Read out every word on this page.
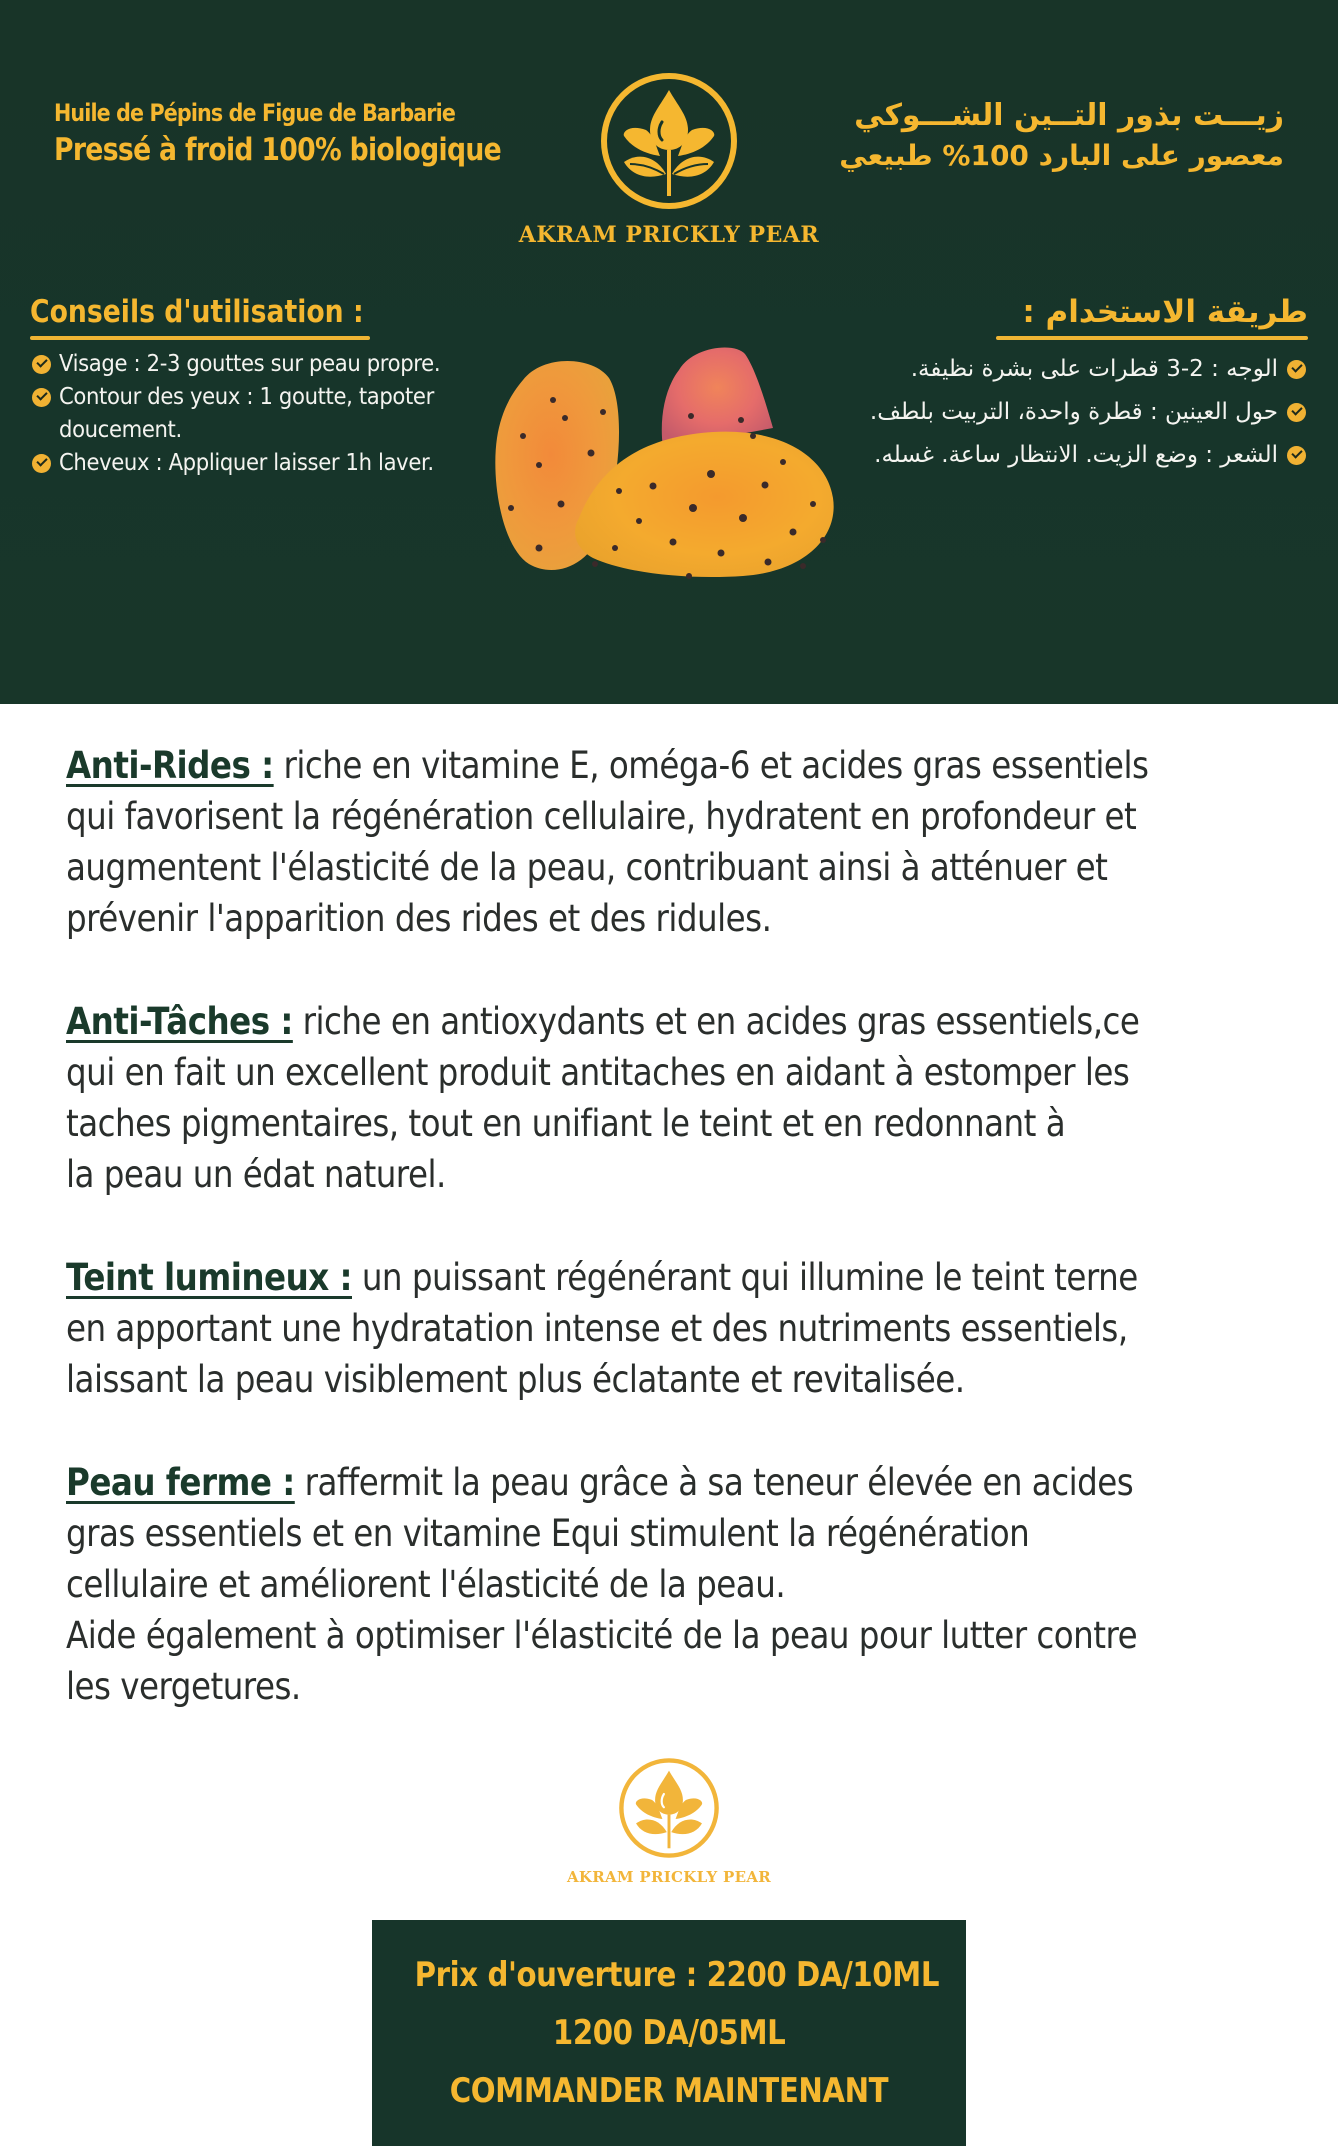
Huile de Pépins de Figue de Barbarie
Pressé à froid 100% biologique
AKRAM PRICKLY PEAR
زيـــت بذور التــين الشـــوكي
معصور على البارد 100% طبيعي
Conseils d'utilisation :
Visage : 2-3 gouttes sur peau propre.
Contour des yeux : 1 goutte, tapoter
doucement.
Cheveux : Appliquer laisser 1h laver.
طريقة الاستخدام :
الوجه : 2-3 قطرات على بشرة نظيفة.
حول العينين : قطرة واحدة، التربيت بلطف.
الشعر : وضع الزيت. الانتظار ساعة. غسله.
Anti-Rides : riche en vitamine E, oméga-6 et acides gras essentiels
qui favorisent la régénération cellulaire, hydratent en profondeur et
augmentent l'élasticité de la peau, contribuant ainsi à atténuer et
prévenir l'apparition des rides et des ridules.
Anti-Tâches : riche en antioxydants et en acides gras essentiels,ce
qui en fait un excellent produit antitaches en aidant à estomper les
taches pigmentaires, tout en unifiant le teint et en redonnant à
la peau un édat naturel.
Teint lumineux : un puissant régénérant qui illumine le teint terne
en apportant une hydratation intense et des nutriments essentiels,
laissant la peau visiblement plus éclatante et revitalisée.
Peau ferme : raffermit la peau grâce à sa teneur élevée en acides
gras essentiels et en vitamine Equi stimulent la régénération
cellulaire et améliorent l'élasticité de la peau.
Aide également à optimiser l'élasticité de la peau pour lutter contre
les vergetures.
AKRAM PRICKLY PEAR
Prix d'ouverture : 2200 DA/10ML
1200 DA/05ML
COMMANDER MAINTENANT
